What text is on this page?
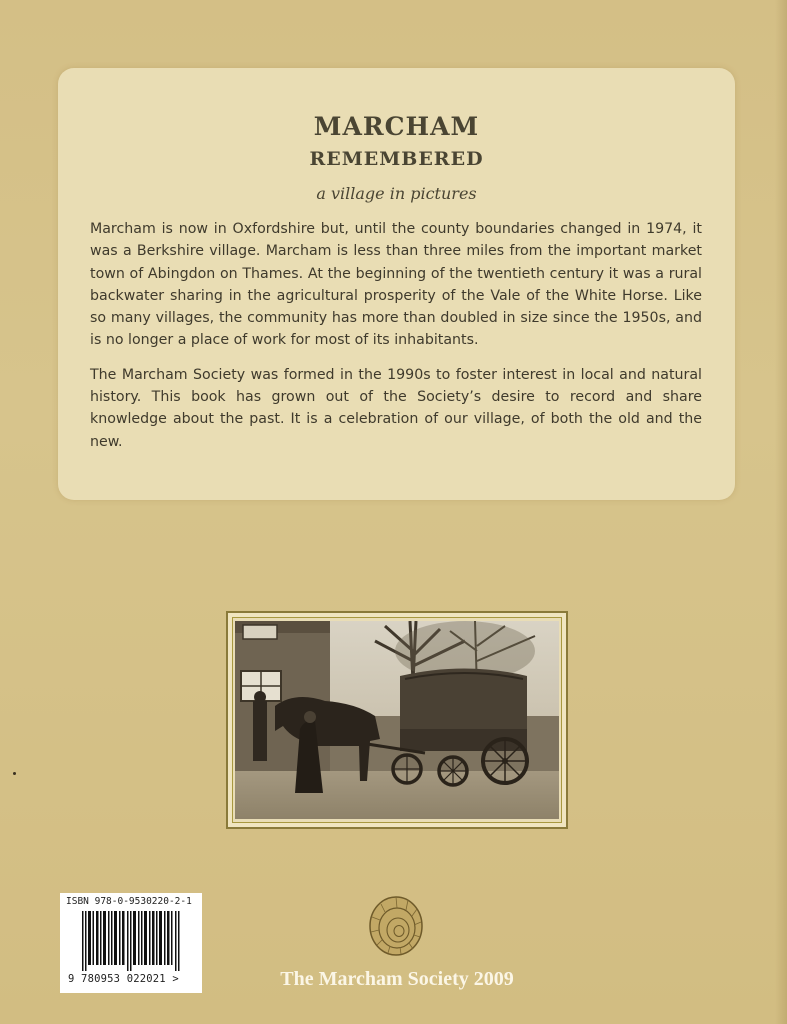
MARCHAM
REMEMBERED
a village in pictures

Marcham is now in Oxfordshire but, until the county boundaries changed in 1974, it was a Berkshire village. Marcham is less than three miles from the important market town of Abingdon on Thames. At the beginning of the twentieth century it was a rural backwater sharing in the agricultural prosperity of the Vale of the White Horse. Like so many villages, the community has more than doubled in size since the 1950s, and is no longer a place of work for most of its inhabitants.

The Marcham Society was formed in the 1990s to foster interest in local and natural history. This book has grown out of the Society’s desire to record and share knowledge about the past. It is a celebration of our village, of both the old and the new.

ISBN 978-0-9530220-2-1
9 780953 022021 >	The Marcham Society 2009
